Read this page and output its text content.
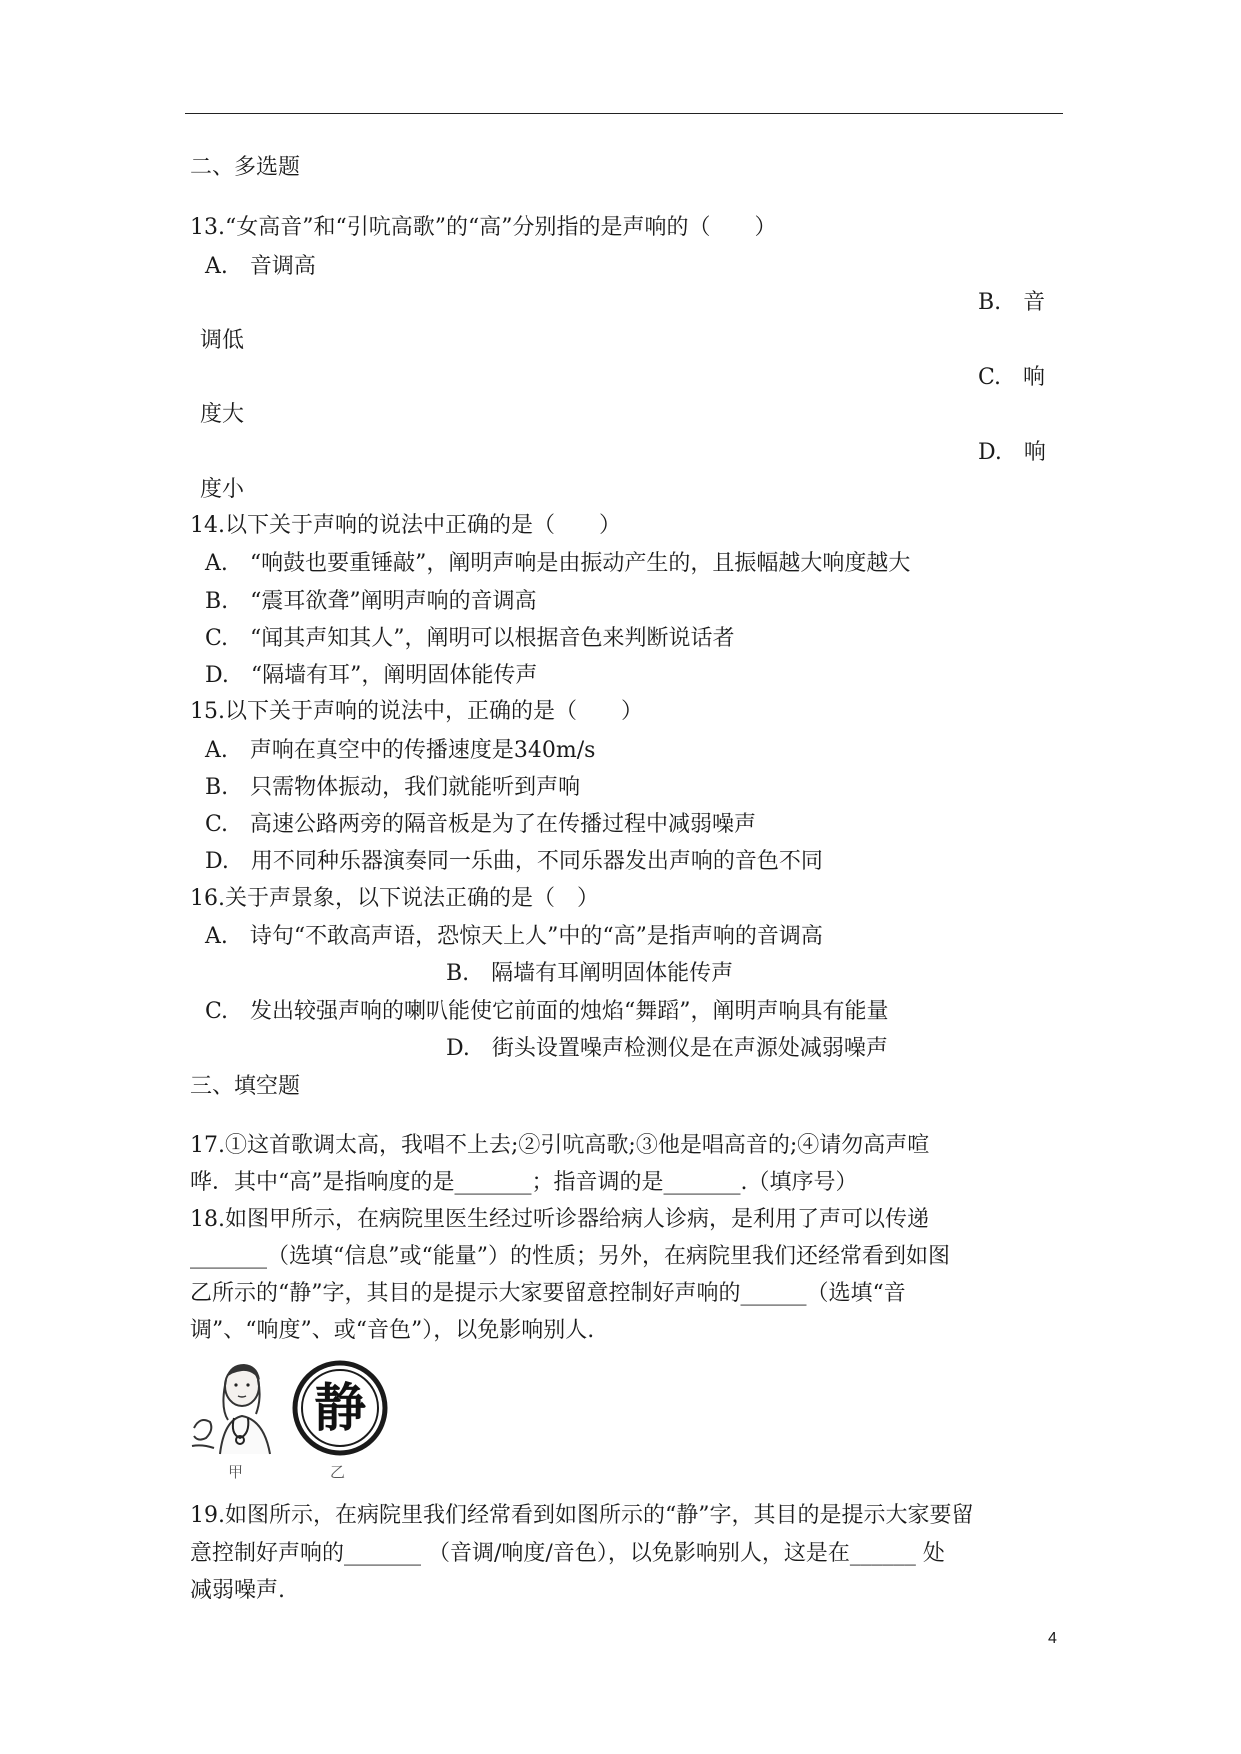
二、多选题
13.“女高音”和“引吭高歌”的“高”分别指的是声响的（　　）
A.　音调高
B.　音
调低
C.　响
度大
D.　响
度小
14.以下关于声响的说法中正确的是（　　）
A.　“响鼓也要重锤敲”，阐明声响是由振动产生的，且振幅越大响度越大
B.　“震耳欲聋”阐明声响的音调高
C.　“闻其声知其人”，阐明可以根据音色来判断说话者
D.　“隔墙有耳”，阐明固体能传声
15.以下关于声响的说法中，正确的是（　　）
A.　声响在真空中的传播速度是340m/s
B.　只需物体振动，我们就能听到声响
C.　高速公路两旁的隔音板是为了在传播过程中减弱噪声
D.　用不同种乐器演奏同一乐曲，不同乐器发出声响的音色不同
16.关于声景象，以下说法正确的是（　）
A.　诗句“不敢高声语，恐惊天上人”中的“高”是指声响的音调高
B.　隔墙有耳阐明固体能传声
C.　发出较强声响的喇叭能使它前面的烛焰“舞蹈”，阐明声响具有能量
D.　街头设置噪声检测仪是在声源处减弱噪声
三、填空题
17.①这首歌调太高，我唱不上去;②引吭高歌;③他是唱高音的;④请勿高声喧
哗．其中“高”是指响度的是_______；指音调的是_______.（填序号）
18.如图甲所示，在病院里医生经过听诊器给病人诊病，是利用了声可以传递
_______（选填“信息”或“能量”）的性质；另外，在病院里我们还经常看到如图
乙所示的“静”字，其目的是提示大家要留意控制好声响的______（选填“音
调”、“响度”、或“音色”），以免影响别人.
甲
静
乙
19.如图所示，在病院里我们经常看到如图所示的“静”字，其目的是提示大家要留
意控制好声响的_______ （音调/响度/音色），以免影响别人，这是在______ 处
减弱噪声.
4
